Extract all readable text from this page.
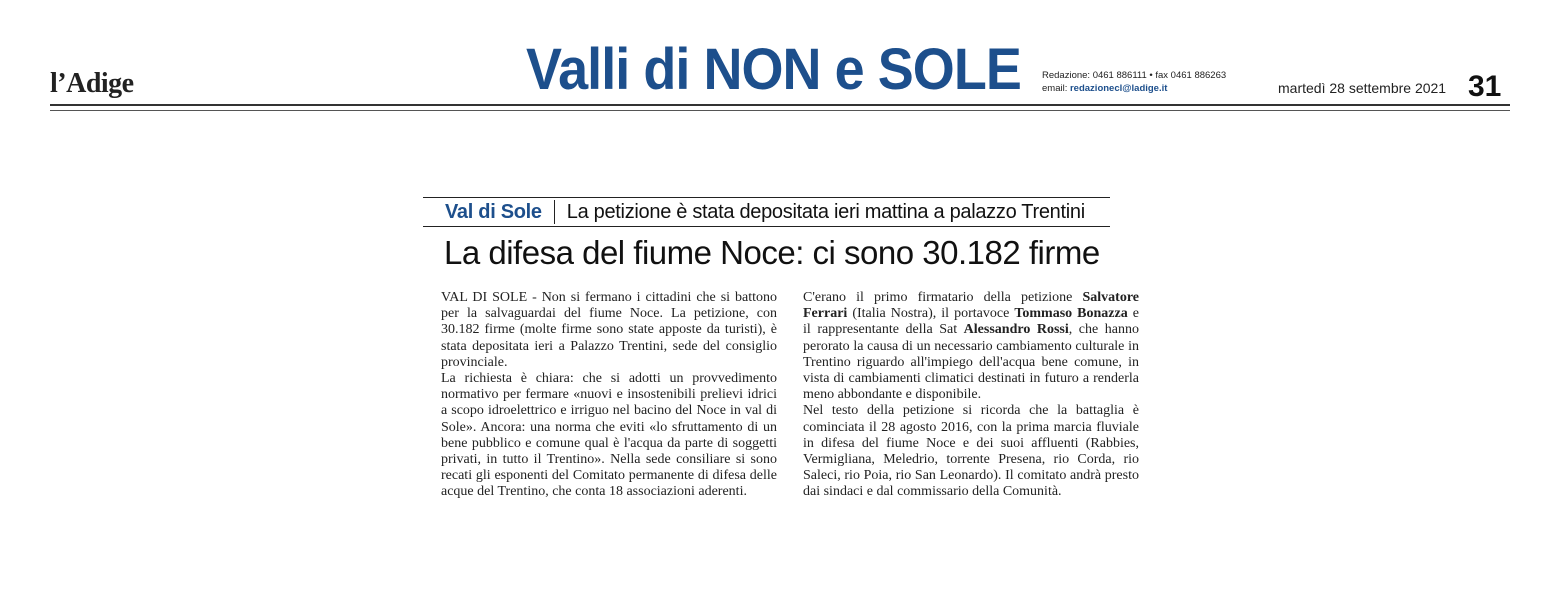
l’Adige	Valli di NON e SOLE Redazione: 0461 886111 • fax 0461 886263
email: redazionecl@ladige.it	martedì 28 settembre 2021 31
Val di Sole	La petizione è stata depositata ieri mattina a palazzo Trentini
La difesa del fiume Noce: ci sono 30.182 firme

VAL DI SOLE - Non si fermano i cittadini che si battono per la salvaguardai del fiume Noce. La petizione, con 30.182 firme (molte firme sono state apposte da turisti), è stata depositata ieri a Palazzo Trentini, sede del consiglio provinciale.

La richiesta è chiara: che si adotti un provvedimento normativo per fermare «nuovi e insostenibili prelievi idrici a scopo idroelettrico e irriguo nel bacino del Noce in val di Sole». Ancora: una norma che eviti «lo sfruttamento di un bene pubblico e comune qual è l'acqua da parte di soggetti privati, in tutto il Trentino». Nella sede consiliare si sono recati gli esponenti del Comitato permanente di difesa delle acque del Trentino, che conta 18 associazioni aderenti.

C'erano il primo firmatario della petizione Salvatore Ferrari (Italia Nostra), il portavoce Tommaso Bonazza e il rappresentante della Sat Alessandro Rossi, che hanno perorato la causa di un necessario cambiamento culturale in Trentino riguardo all'impiego dell'acqua bene comune, in vista di cambiamenti climatici destinati in futuro a renderla meno abbondante e disponibile.

Nel testo della petizione si ricorda che la battaglia è cominciata il 28 agosto 2016, con la prima marcia fluviale in difesa del fiume Noce e dei suoi affluenti (Rabbies, Vermigliana, Meledrio, torrente Presena, rio Corda, rio Saleci, rio Poia, rio San Leonardo). Il comitato andrà presto dai sindaci e dal commissario della Comunità.
